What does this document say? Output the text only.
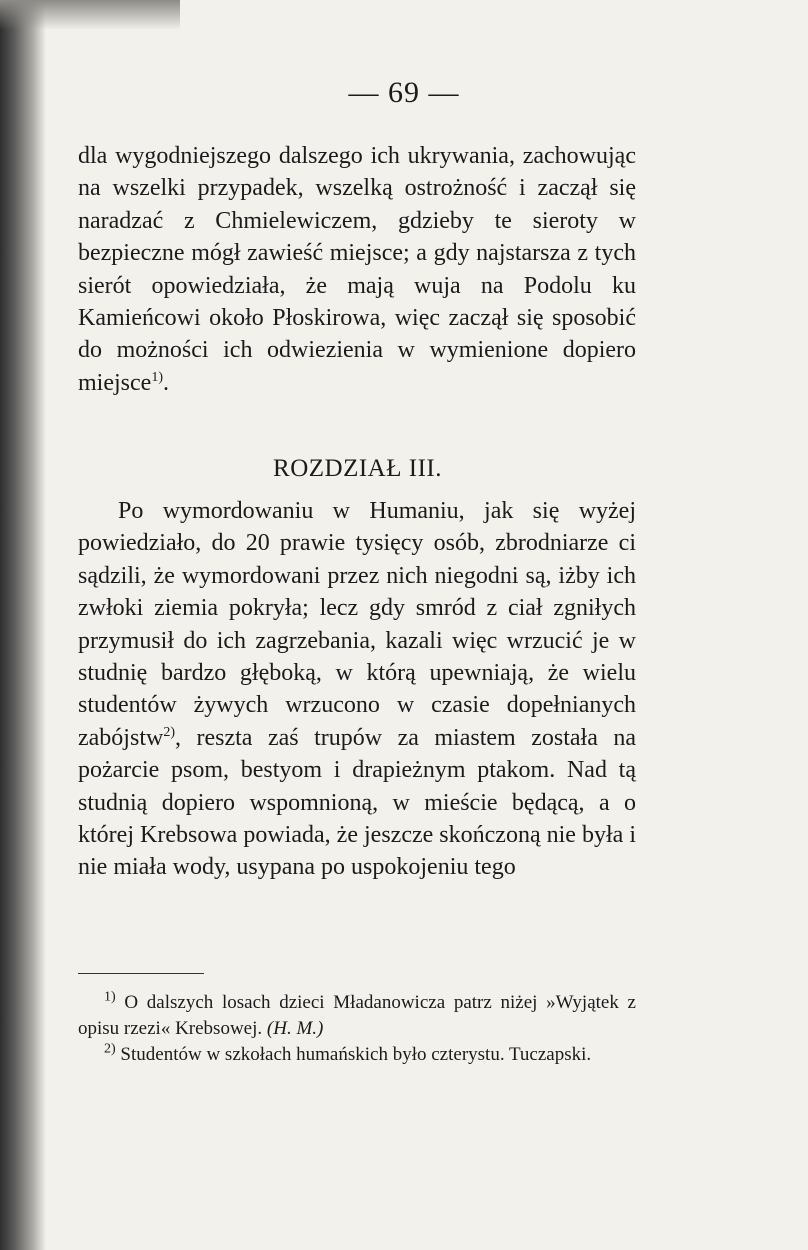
— 69 —

dla wygodniejszego dalszego ich ukrywania, zachowując na wszelki przypadek, wszelką ostrożność i zaczął się naradzać z Chmielewiczem, gdzieby te sieroty w bezpieczne mógł zawieść miejsce; a gdy najstarsza z tych sierót opowiedziała, że mają wuja na Podolu ku Kamieńcowi około Płoskirowa, więc zaczął się sposobić do możności ich odwiezienia w wymienione dopiero miejsce$^{1)}$.

ROZDZIAŁ III.

Po wymordowaniu w Humaniu, jak się wyżej powiedziało, do 20 prawie tysięcy osób, zbrodniarze ci sądzili, że wymordowani przez nich niegodni są, iżby ich zwłoki ziemia pokryła; lecz gdy smród z ciał zgniłych przymusił do ich zagrzebania, kazali więc wrzucić je w studnię bardzo głęboką, w którą upewniają, że wielu studentów żywych wrzucono w czasie dopełnianych zabójstw$^{2)}$, reszta zaś trupów za miastem została na pożarcie psom, bestyom i drapieżnym ptakom. Nad tą studnią dopiero wspomnioną, w mieście będącą, a o której Krebsowa powiada, że jeszcze skończoną nie była i nie miała wody, usypana po uspokojeniu tego

$^{1)}$ O dalszych losach dzieci Mładanowicza patrz niżej »Wyjątek z opisu rzezi« Krebsowej. (H. M.)

$^{2)}$ Studentów w szkołach humańskich było czterystu. Tuczapski.
